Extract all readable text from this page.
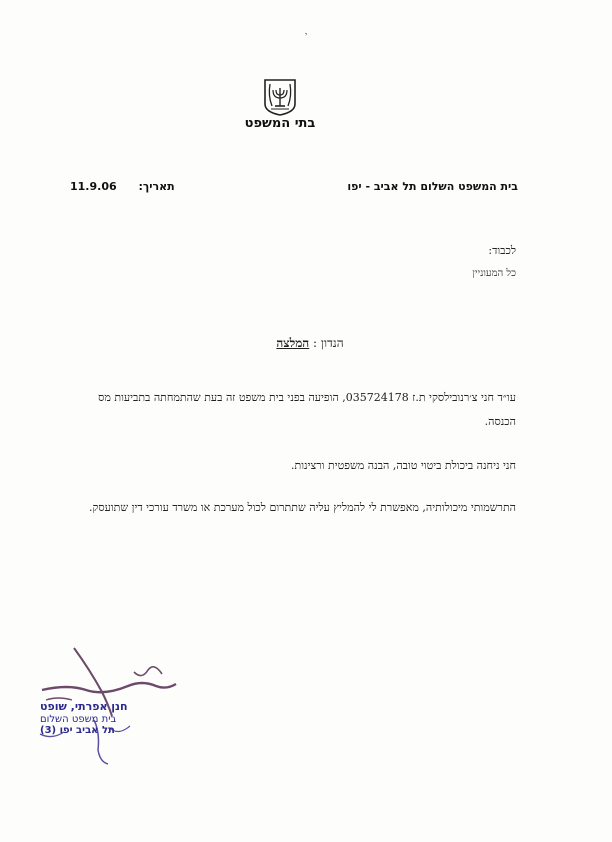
י
בתי המשפט
בית המשפט השלום תל אביב - יפו
תאריך: 11.9.06
לכבוד:
כל המעוניין
הנדון : המלצה
עו״ד חני צ׳רנובילסקי ת.ז 035724178, הופיעה בפני בית משפט זה בעת שהתמחתה בתביעות מס הכנסה.
חני ניחנה ביכולת ביטוי טובה, הבנה משפטית ורצינות.
התרשמותי מיכולותיה, מאפשרת לי להמליץ עליה שתתרום לכול מערכת או משרד עורכי דין שתועסק.
חנן אפרתי, שופט
בית משפט השלום
תל אביב יפו (3)
